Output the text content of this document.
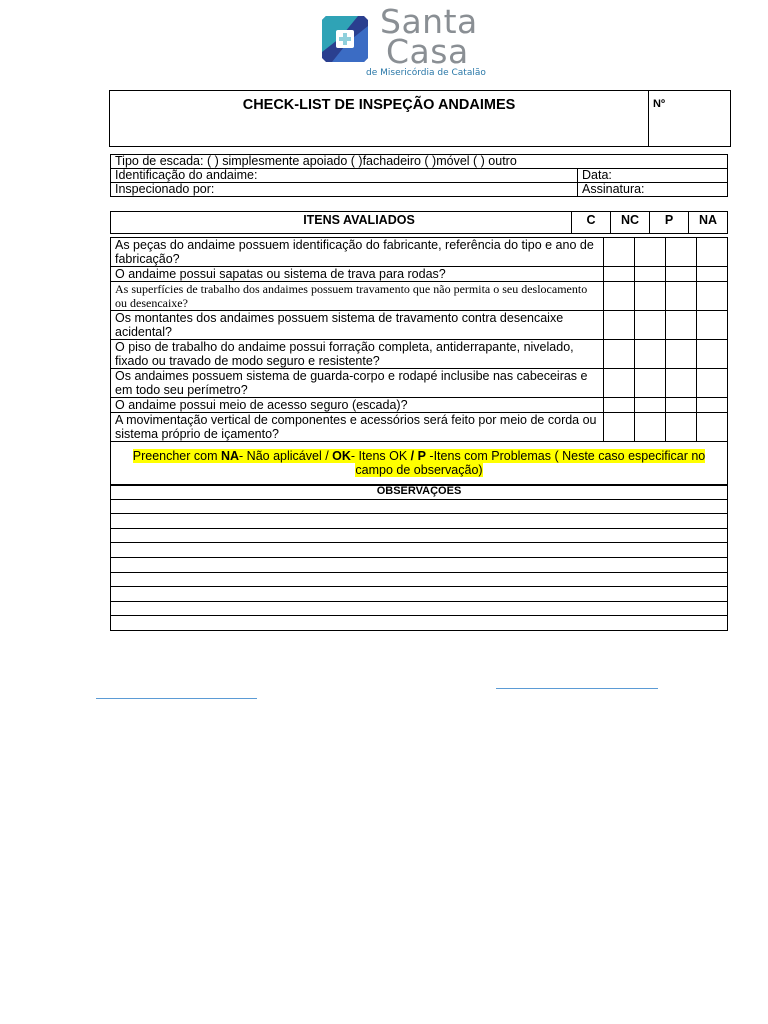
Santa
Casa
de Misericórdia de Catalão
CHECK-LIST DE INSPEÇÃO ANDAIMES	Nº
Tipo de escada: ( ) simplesmente apoiado ( )fachadeiro ( )móvel ( ) outro	
Identificação do andaime:	Data:
Inspecionado por:	Assinatura:
ITENS AVALIADOS	C	NC	P	NA
As peças do andaime possuem identificação do fabricante, referência do tipo e ano de fabricação?				
O andaime possui sapatas ou sistema de trava para rodas?				
As superfícies de trabalho dos andaimes possuem travamento que não permita o seu deslocamento ou desencaixe?				
Os montantes dos andaimes possuem sistema de travamento contra desencaixe acidental?				
O piso de trabalho do andaime possui forração completa, antiderrapante, nivelado, fixado ou travado de modo seguro e resistente?				
Os andaimes possuem sistema de guarda-corpo e rodapé inclusibe nas cabeceiras e em todo seu perímetro?				
O andaime possui meio de acesso seguro (escada)?				
A movimentação vertical de componentes e acessórios será feito por meio de corda ou sistema próprio de içamento?				
Preencher com NA- Não aplicável / OK- Itens OK / P -Itens com Problemas ( Neste caso especificar no campo de observação)				
OBSERVAÇÕES
